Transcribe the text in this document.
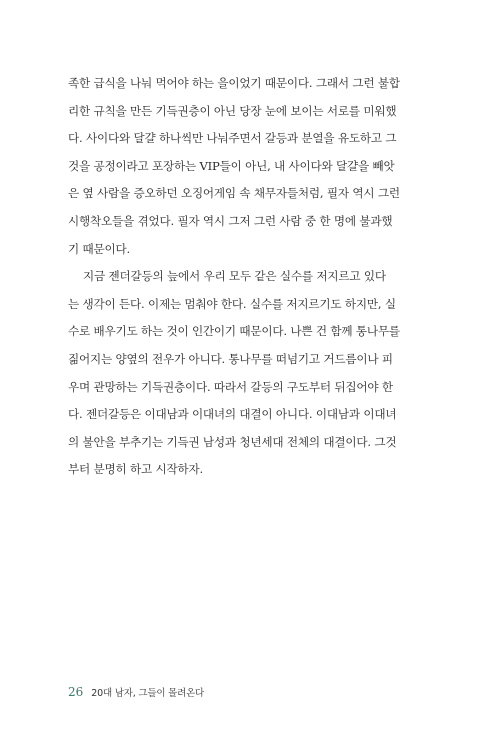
족한 급식을 나눠 먹어야 하는 을이었기 때문이다. 그래서 그런 불합
리한 규칙을 만든 기득권층이 아닌 당장 눈에 보이는 서로를 미워했
다. 사이다와 달걀 하나씩만 나눠주면서 갈등과 분열을 유도하고 그
것을 공정이라고 포장하는 VIP들이 아닌, 내 사이다와 달걀을 빼앗
은 옆 사람을 증오하던 오징어게임 속 채무자들처럼, 필자 역시 그런
시행착오들을 겪었다. 필자 역시 그저 그런 사람 중 한 명에 불과했
기 때문이다.

지금 젠더갈등의 늪에서 우리 모두 같은 실수를 저지르고 있다
는 생각이 든다. 이제는 멈춰야 한다. 실수를 저지르기도 하지만, 실
수로 배우기도 하는 것이 인간이기 때문이다. 나쁜 건 함께 통나무를
짊어지는 양옆의 전우가 아니다. 통나무를 떠넘기고 거드름이나 피
우며 관망하는 기득권층이다. 따라서 갈등의 구도부터 뒤집어야 한
다. 젠더갈등은 이대남과 이대녀의 대결이 아니다. 이대남과 이대녀
의 불안을 부추기는 기득권 남성과 청년세대 전체의 대결이다. 그것
부터 분명히 하고 시작하자.

26 20대 남자, 그들이 몰려온다
